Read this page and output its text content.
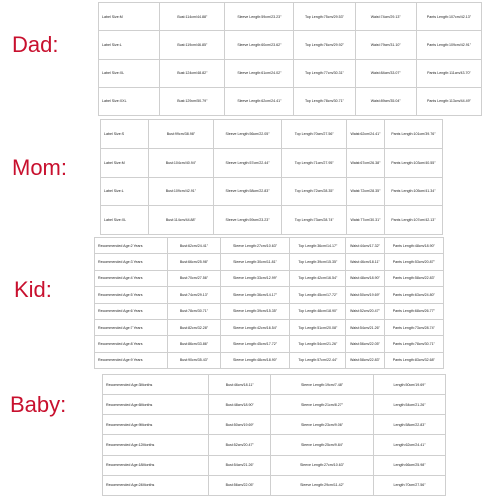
Dad:
Label Size:M	Bust:114cm/44.88"	Sleeve Length:59cm/23.23"	Top Length:75cm/29.53"	Waist:74cm/29.13"	Pants Length:107cm/42.13"
Label Size:L	Bust:119cm/46.85"	Sleeve Length:60cm/23.62"	Top Length:76cm/29.92"	Waist:79cm/31.10"	Pants Length:109cm/42.91"
Label Size:XL	Bust:124cm/48.82"	Sleeve Length:61cm/24.02"	Top Length:77cm/30.31"	Waist:84cm/33.07"	Pants Length:111cm/43.70"
Label Size:XXL	Bust:129cm/50.79"	Sleeve Length:62cm/24.41"	Top Length:78cm/30.71"	Waist:89cm/35.04"	Pants Length:113cm/44.49"
Mom:
Label Size:S	Bust:99cm/38.98"	Sleeve Length:56cm/22.05"	Top Length:70cm/27.56"	Waist:62cm/24.41"	Pants Length:101cm/39.76"
Label Size:M	Bust:104cm/40.94"	Sleeve Length:57cm/22.44"	Top Length:71cm/27.95"	Waist:67cm/26.38"	Pants Length:103cm/40.55"
Label Size:L	Bust:109cm/42.91"	Sleeve Length:58cm/22.83"	Top Length:72cm/28.35"	Waist:72cm/28.35"	Pants Length:105cm/41.34"
Label Size:XL	Bust:114cm/44.88"	Sleeve Length:59cm/23.23"	Top Length:73cm/28.74"	Waist:77cm/30.31"	Pants Length:107cm/42.13"
Kid:
Recommended Age:2 Years	Bust:62cm/24.41"	Sleeve Length:27cm/10.63"	Top Length:36cm/14.17"	Waist:44cm/17.32"	Pants Length:48cm/18.90"
Recommended Age:3 Years	Bust:66cm/25.98"	Sleeve Length:30cm/11.81"	Top Length:39cm/15.35"	Waist:46cm/18.11"	Pants Length:53cm/20.87"
Recommended Age:4 Years	Bust:70cm/27.56"	Sleeve Length:33cm/12.99"	Top Length:42cm/16.54"	Waist:48cm/18.90"	Pants Length:58cm/22.83"
Recommended Age:5 Years	Bust:74cm/29.13"	Sleeve Length:36cm/14.17"	Top Length:45cm/17.72"	Waist:50cm/19.69"	Pants Length:63cm/24.80"
Recommended Age:6 Years	Bust:78cm/30.71"	Sleeve Length:39cm/15.35"	Top Length:48cm/18.90"	Waist:52cm/20.47"	Pants Length:68cm/26.77"
Recommended Age:7 Years	Bust:82cm/32.28"	Sleeve Length:42cm/16.54"	Top Length:51cm/20.08"	Waist:54cm/21.26"	Pants Length:73cm/28.74"
Recommended Age:8 Years	Bust:86cm/33.86"	Sleeve Length:45cm/17.72"	Top Length:54cm/21.26"	Waist:56cm/22.05"	Pants Length:78cm/30.71"
Recommended Age:9 Years	Bust:90cm/35.43"	Sleeve Length:48cm/18.90"	Top Length:57cm/22.44"	Waist:58cm/22.83"	Pants Length:83cm/32.68"
Baby:
Recommended Age:3Months	Bust:46cm/18.11"	Sleeve Length:19cm/7.48"	Length:50cm/19.69"
Recommended Age:6Months	Bust:48cm/18.90"	Sleeve Length:21cm/8.27"	Length:54cm/21.26"
Recommended Age:9Months	Bust:50cm/19.69"	Sleeve Length:23cm/9.06"	Length:58cm/22.83"
Recommended Age:12Months	Bust:52cm/20.47"	Sleeve Length:25cm/9.84"	Length:62cm/24.41"
Recommended Age:18Months	Bust:54cm/21.26"	Sleeve Length:27cm/10.63"	Length:66cm/25.98"
Recommended Age:24Months	Bust:56cm/22.05"	Sleeve Length:29cm/11.42"	Length:70cm/27.56"
